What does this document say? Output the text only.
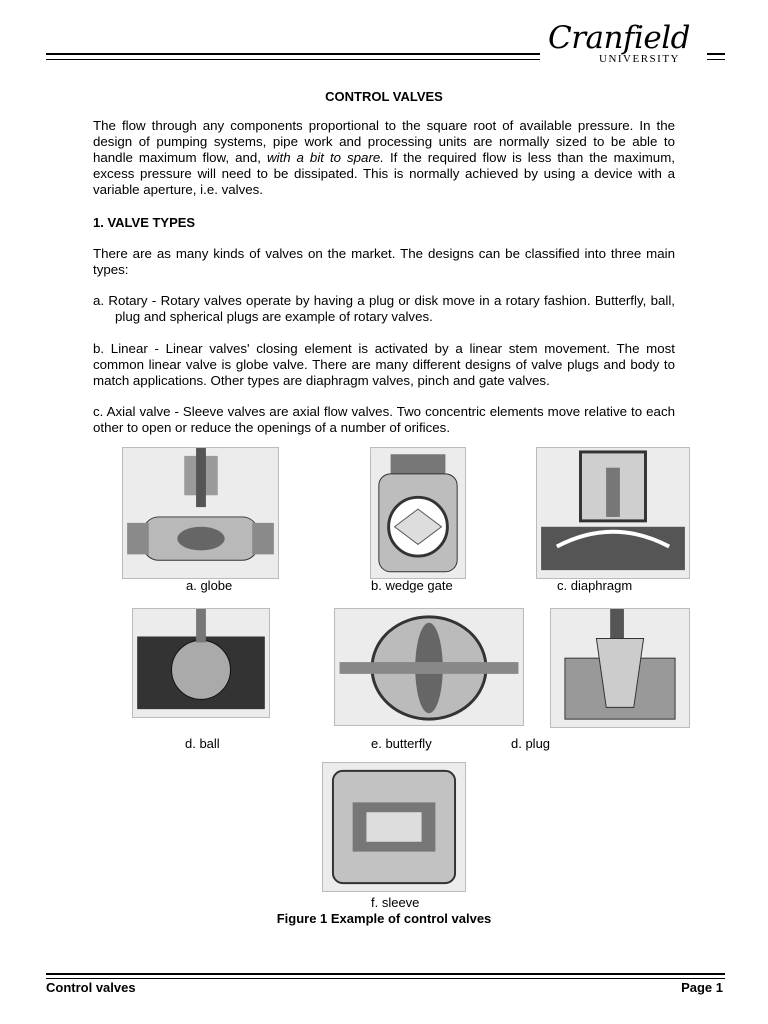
Cranfield
UNIVERSITY
CONTROL VALVES

The flow through any components proportional to the square root of available pressure. In the design of pumping systems, pipe work and processing units are normally sized to be able to handle maximum flow, and, with a bit to spare. If the required flow is less than the maximum, excess pressure will need to be dissipated. This is normally achieved by using a device with a variable aperture, i.e. valves.

1. VALVE TYPES

There are as many kinds of valves on the market. The designs can be classified into three main types:

a. Rotary - Rotary valves operate by having a plug or disk move in a rotary fashion. Butterfly, ball, plug and spherical plugs are example of rotary valves.

b. Linear - Linear valves' closing element is activated by a linear stem movement. The most common linear valve is globe valve. There are many different designs of valve plugs and body to match applications. Other types are diaphragm valves, pinch and gate valves.

c. Axial valve - Sleeve valves are axial flow valves. Two concentric elements move relative to each other to open or reduce the openings of a number of orifices.

a. globe	b. wedge gate	c. diaphragm
d. ball	e. butterfly	d. plug
f. sleeve
Figure 1 Example of control valves
Control valves	Page 1
